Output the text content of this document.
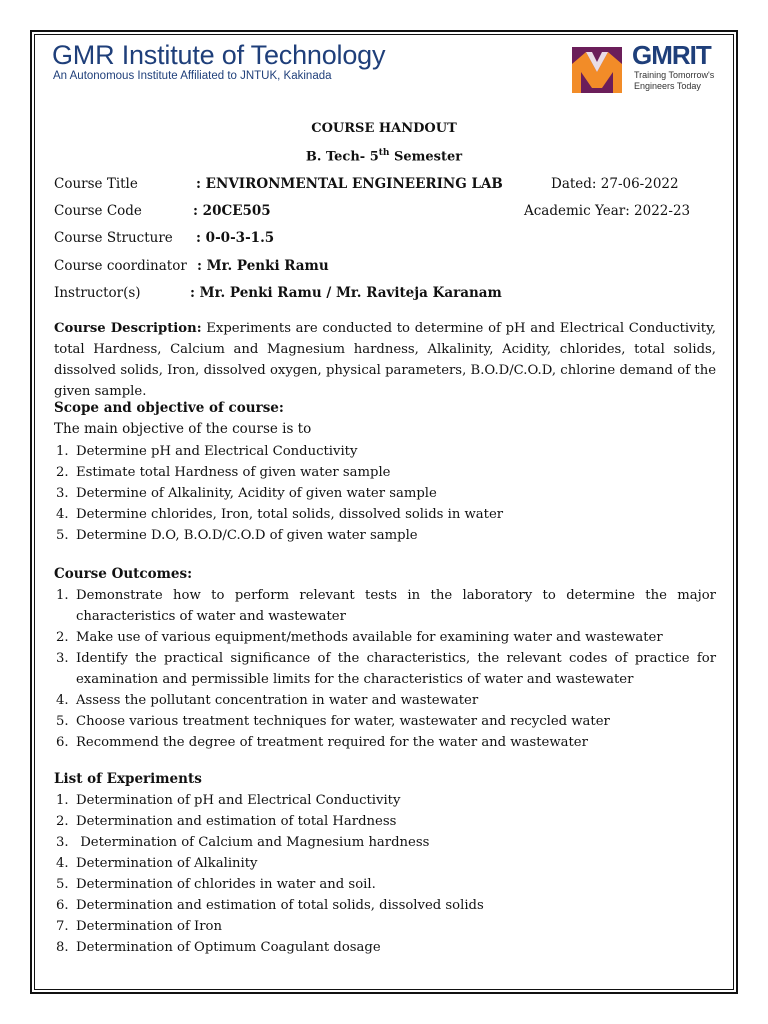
GMR Institute of Technology
An Autonomous Institute Affiliated to JNTUK, Kakinada
GMRIT
Training Tomorrow's
Engineers Today
COURSE HANDOUT
B. Tech- 5th Semester
Course Title	: ENVIRONMENTAL ENGINEERING LAB	Dated: 27-06-2022
Course Code	: 20CE505	Academic Year: 2022-23
Course Structure : 0-0-3-1.5
Course coordinator : Mr. Penki Ramu
Instructor(s)	: Mr. Penki Ramu / Mr. Raviteja Karanam
Course Description: Experiments are conducted to determine of pH and Electrical Conductivity, total Hardness, Calcium and Magnesium hardness, Alkalinity, Acidity, chlorides, total solids, dissolved solids, Iron, dissolved oxygen, physical parameters, B.O.D/C.O.D, chlorine demand of the given sample.
Scope and objective of course:
The main objective of the course is to
1. Determine pH and Electrical Conductivity
2. Estimate total Hardness of given water sample
3. Determine of Alkalinity, Acidity of given water sample
4. Determine chlorides, Iron, total solids, dissolved solids in water
5. Determine D.O, B.O.D/C.O.D of given water sample
Course Outcomes:
1. Demonstrate how to perform relevant tests in the laboratory to determine the major characteristics of water and wastewater
2. Make use of various equipment/methods available for examining water and wastewater
3. Identify the practical significance of the characteristics, the relevant codes of practice for examination and permissible limits for the characteristics of water and wastewater
4. Assess the pollutant concentration in water and wastewater
5. Choose various treatment techniques for water, wastewater and recycled water
6. Recommend the degree of treatment required for the water and wastewater
List of Experiments
1. Determination of pH and Electrical Conductivity
2. Determination and estimation of total Hardness
3. Determination of Calcium and Magnesium hardness
4. Determination of Alkalinity
5. Determination of chlorides in water and soil.
6. Determination and estimation of total solids, dissolved solids
7. Determination of Iron
8. Determination of Optimum Coagulant dosage
